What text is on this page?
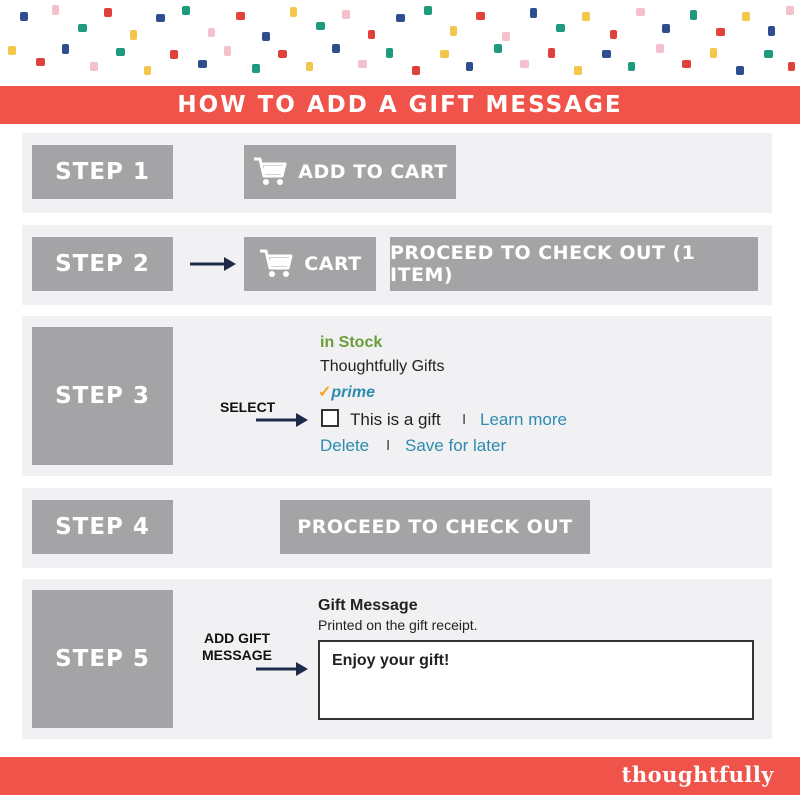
HOW TO ADD A GIFT MESSAGE
STEP 1	ADD TO CART
STEP 2	CART PROCEED TO CHECK OUT (1 ITEM)
STEP 3	SELECT
in Stock
Thoughtfully Gifts
✓prime
This is a gift I Learn more
Delete I Save for later
STEP 4	PROCEED TO CHECK OUT
STEP 5
ADD GIFT
MESSAGE
Gift Message
Printed on the gift receipt.
Enjoy your gift!
thoughtfully
